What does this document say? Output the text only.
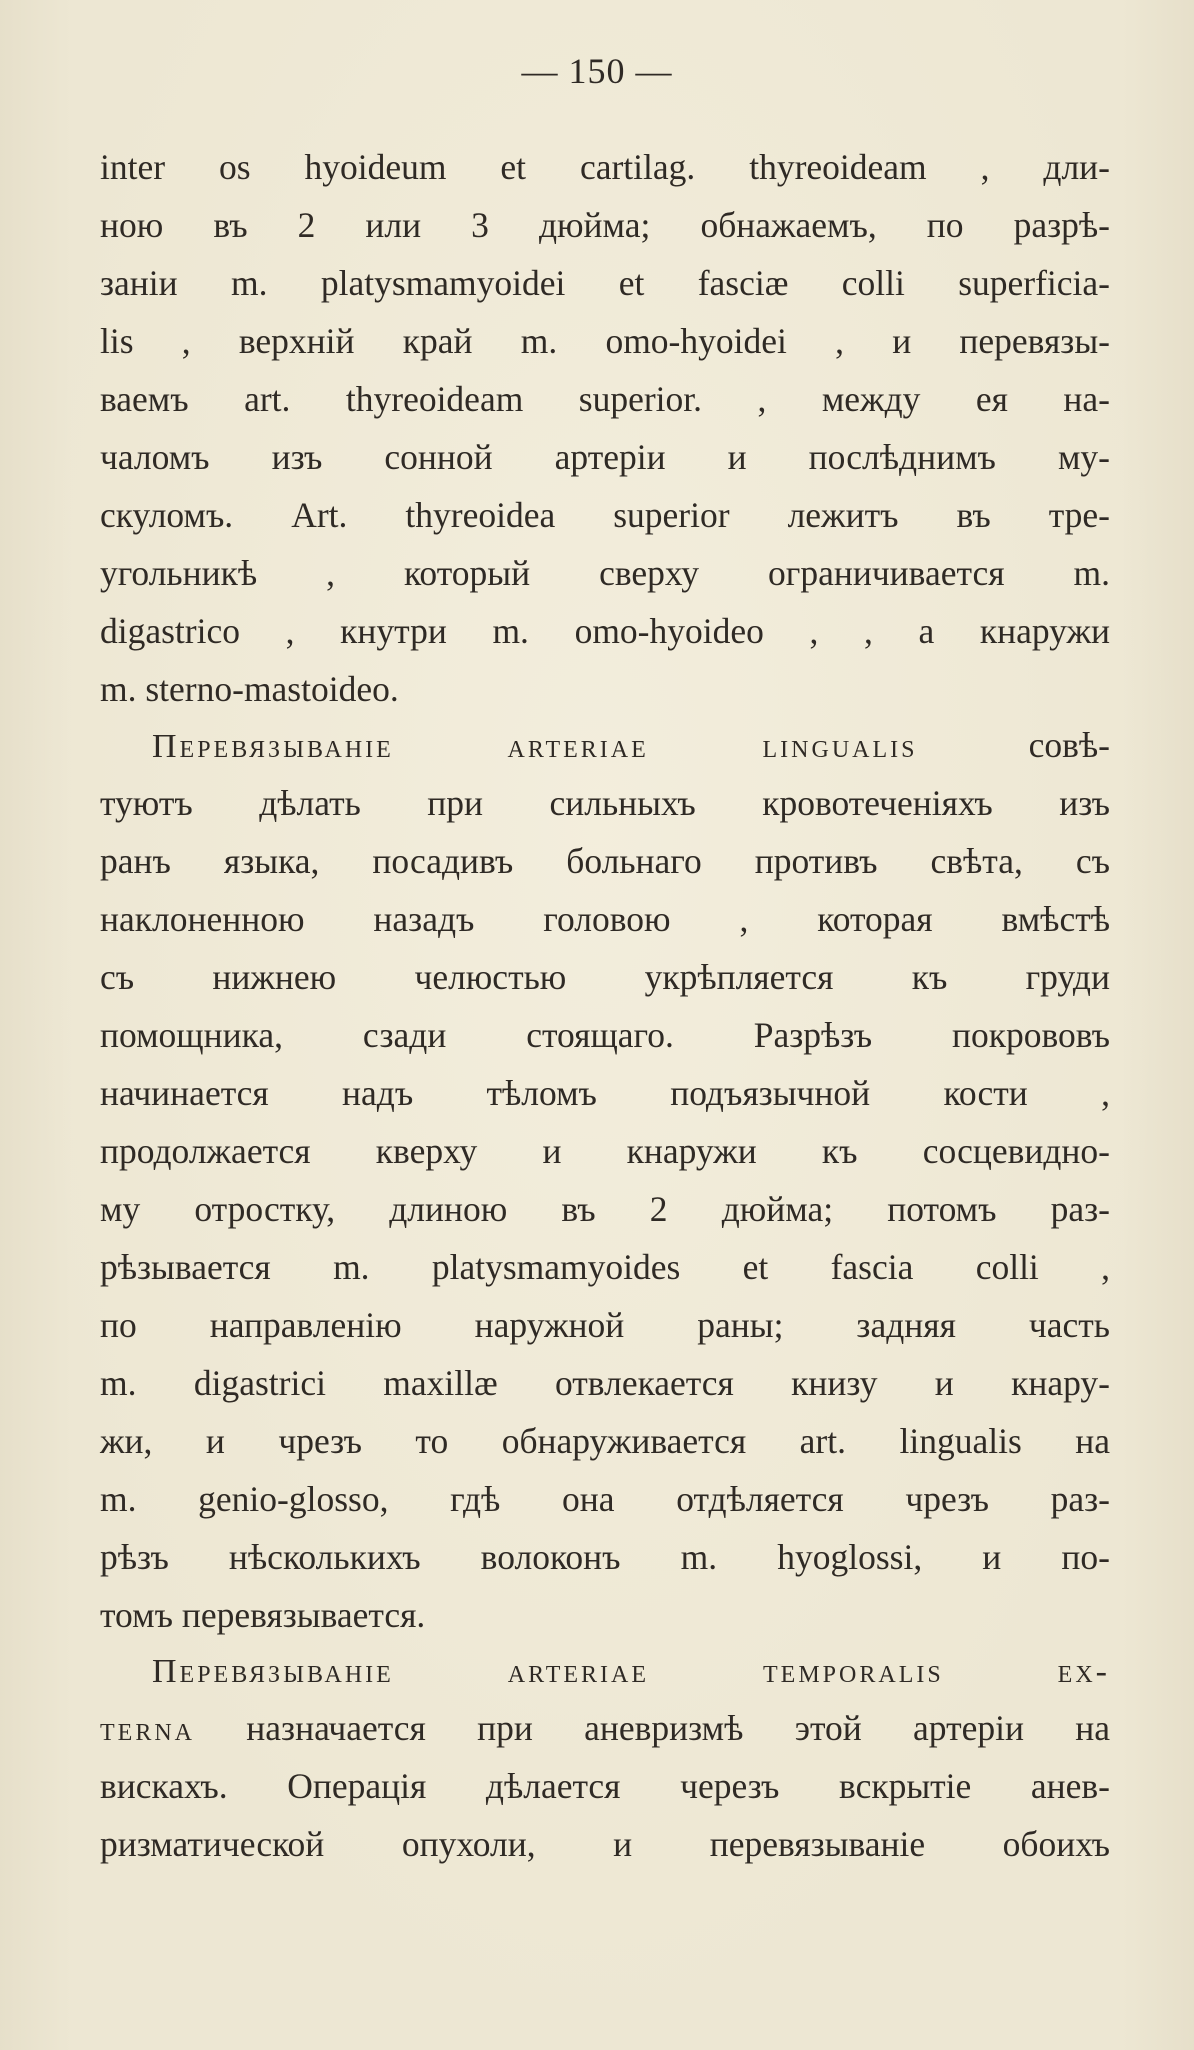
— 150 —
inter os hyoideum et cartilag. thyreoideam , дли-
ною въ 2 или 3 дюйма; обнажаемъ, по разрѣ-
заніи m. platysmamyoidei et fasciæ colli superficia-
lis , верхній край m. omo-hyoidei , и перевязы-
ваемъ art. thyreoideam superior. , между ея на-
чаломъ изъ сонной артеріи и послѣднимъ му-
скуломъ. Art. thyreoidea superior лежитъ въ тре-
угольникѣ , который сверху ограничивается m.
digastrico , кнутри m. omo-hyoideo , , а кнаружи
m. sterno-mastoideo.
Перевязываніе arteriae lingualis совѣ-
туютъ дѣлать при сильныхъ кровотеченіяхъ изъ
ранъ языка, посадивъ больнаго противъ свѣта, съ
наклоненною назадъ головою , которая вмѣстѣ
съ нижнею челюстью укрѣпляется къ груди
помощника, сзади стоящаго. Разрѣзъ покрововъ
начинается надъ тѣломъ подъязычной кости ,
продолжается кверху и кнаружи къ сосцевидно-
му отростку, длиною въ 2 дюйма; потомъ раз-
рѣзывается m. platysmamyoides et fascia colli ,
по направленію наружной раны; задняя часть
m. digastrici maxillæ отвлекается книзу и кнару-
жи, и чрезъ то обнаруживается art. lingualis на
m. genio-glosso, гдѣ она отдѣляется чрезъ раз-
рѣзъ нѣсколькихъ волоконъ m. hyoglossi, и по-
томъ перевязывается.
Перевязываніе arteriae temporalis ex-
terna назначается при аневризмѣ этой артеріи на
вискахъ. Операція дѣлается черезъ вскрытіе анев-
ризматической опухоли, и перевязываніе обоихъ
